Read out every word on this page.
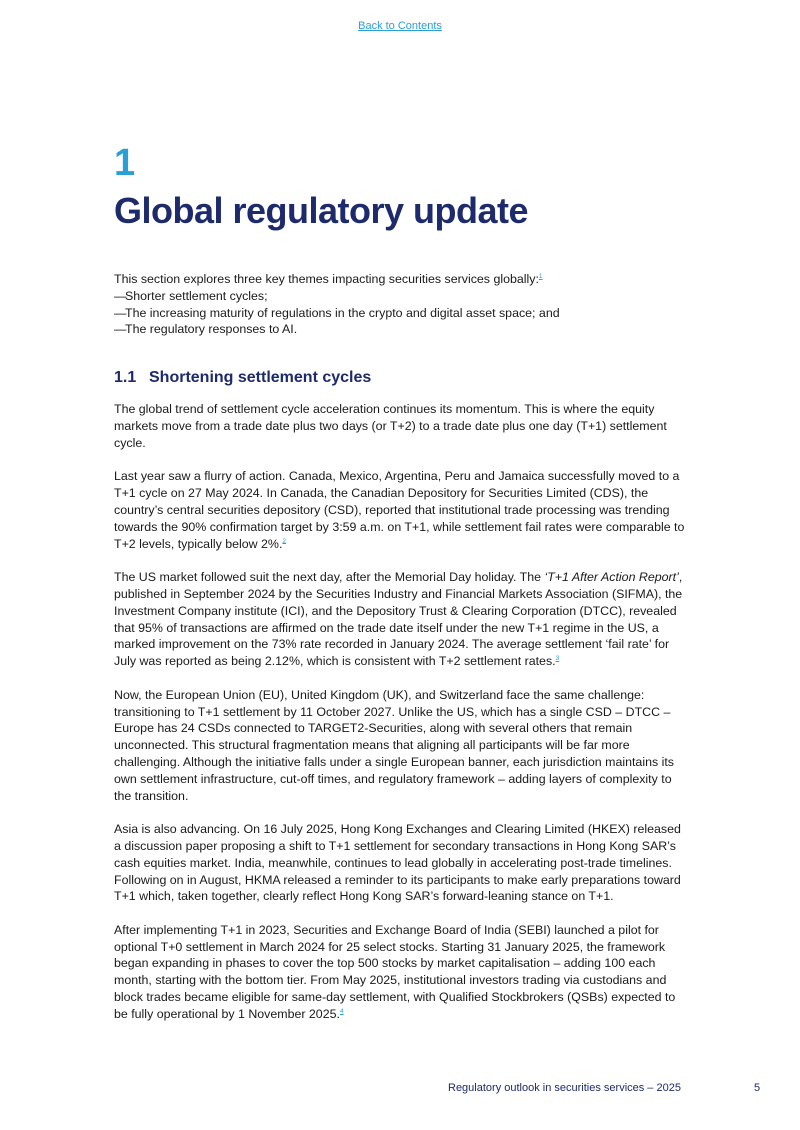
Back to Contents
1
Global regulatory update

This section explores three key themes impacting securities services globally:$^1$

—Shorter settlement cycles;

—The increasing maturity of regulations in the crypto and digital asset space; and

—The regulatory responses to AI.

1.1 Shortening settlement cycles

The global trend of settlement cycle acceleration continues its momentum. This is where the equity markets move from a trade date plus two days (or T+2) to a trade date plus one day (T+1) settlement cycle.

Last year saw a flurry of action. Canada, Mexico, Argentina, Peru and Jamaica successfully moved to a T+1 cycle on 27 May 2024. In Canada, the Canadian Depository for Securities Limited (CDS), the country’s central securities depository (CSD), reported that institutional trade processing was trending towards the 90% confirmation target by 3:59 a.m. on T+1, while settlement fail rates were comparable to T+2 levels, typically below 2%.$^2$

The US market followed suit the next day, after the Memorial Day holiday. The ‘T+1 After Action Report’, published in September 2024 by the Securities Industry and Financial Markets Association (SIFMA), the Investment Company institute (ICI), and the Depository Trust & Clearing Corporation (DTCC), revealed that 95% of transactions are affirmed on the trade date itself under the new T+1 regime in the US, a marked improvement on the 73% rate recorded in January 2024. The average settlement ‘fail rate’ for July was reported as being 2.12%, which is consistent with T+2 settlement rates.$^3$

Now, the European Union (EU), United Kingdom (UK), and Switzerland face the same challenge: transitioning to T+1 settlement by 11 October 2027. Unlike the US, which has a single CSD – DTCC – Europe has 24 CSDs connected to TARGET2-Securities, along with several others that remain unconnected. This structural fragmentation means that aligning all participants will be far more challenging. Although the initiative falls under a single European banner, each jurisdiction maintains its own settlement infrastructure, cut-off times, and regulatory framework – adding layers of complexity to the transition.

Asia is also advancing. On 16 July 2025, Hong Kong Exchanges and Clearing Limited (HKEX) released a discussion paper proposing a shift to T+1 settlement for secondary transactions in Hong Kong SAR’s cash equities market. India, meanwhile, continues to lead globally in accelerating post-trade timelines. Following on in August, HKMA released a reminder to its participants to make early preparations toward T+1 which, taken together, clearly reflect Hong Kong SAR’s forward-leaning stance on T+1.

After implementing T+1 in 2023, Securities and Exchange Board of India (SEBI) launched a pilot for optional T+0 settlement in March 2024 for 25 select stocks. Starting 31 January 2025, the framework began expanding in phases to cover the top 500 stocks by market capitalisation – adding 100 each month, starting with the bottom tier. From May 2025, institutional investors trading via custodians and block trades became eligible for same-day settlement, with Qualified Stockbrokers (QSBs) expected to be fully operational by 1 November 2025.$^4$

Regulatory outlook in securities services – 2025	5
